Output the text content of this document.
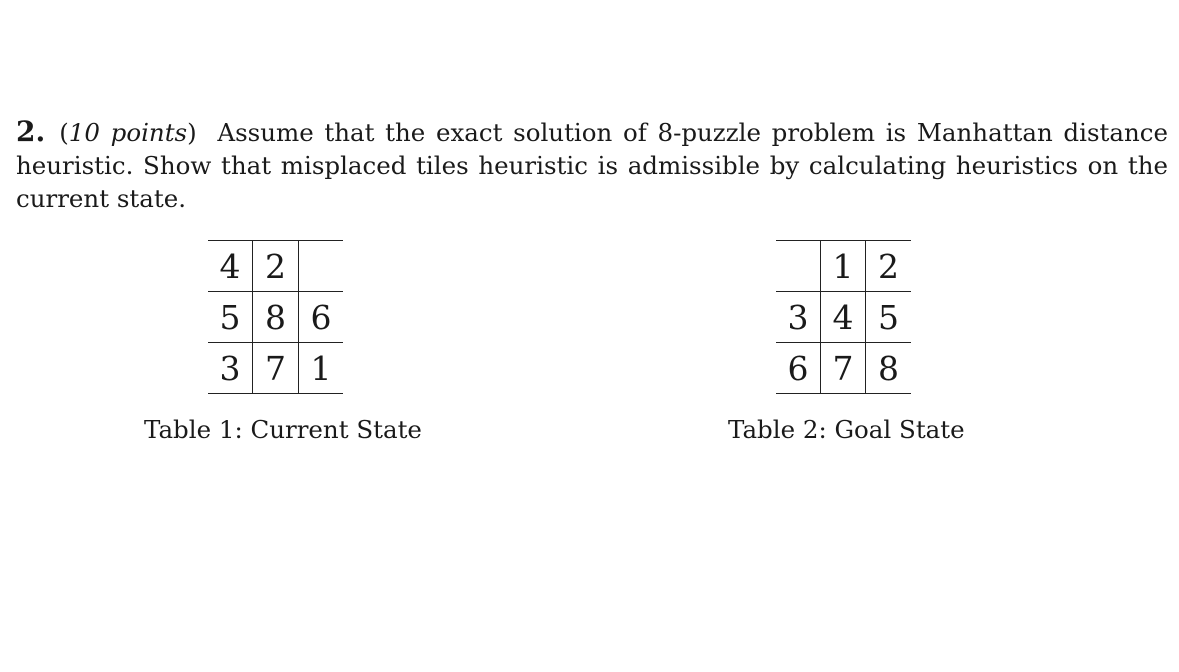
2. (10 points) Assume that the exact solution of 8-puzzle problem is Manhattan distance heuristic. Show that misplaced tiles heuristic is admissible by calculating heuristics on the current state.
4	2	
5	8	6
3	7	1
	1	2
3	4	5
6	7	8
Table 1: Current State	Table 2: Goal State
